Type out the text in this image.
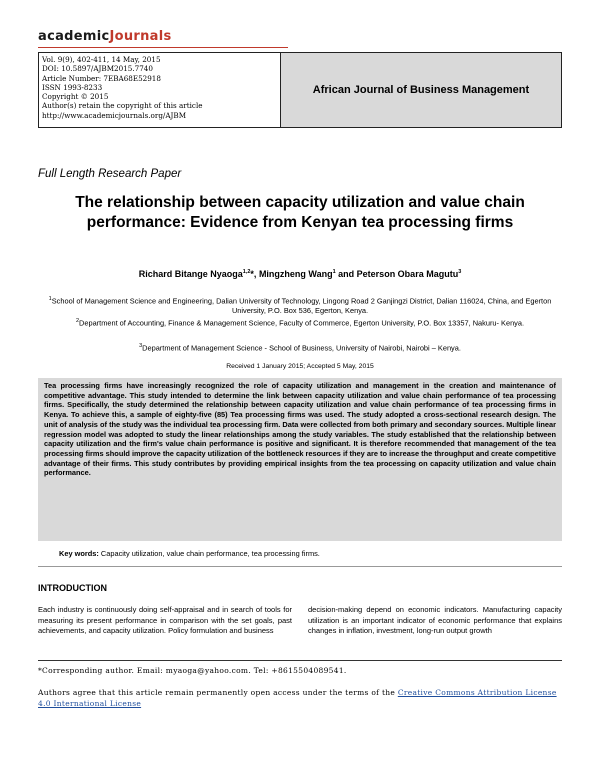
academicJournals
Vol. 9(9), 402-411, 14 May, 2015
DOI: 10.5897/AJBM2015.7740
Article Number: 7EBA68E52918
ISSN 1993-8233
Copyright © 2015
Author(s) retain the copyright of this article
http://www.academicjournals.org/AJBM
African Journal of Business Management
Full Length Research Paper
The relationship between capacity utilization and value chain performance: Evidence from Kenyan tea processing firms
Richard Bitange Nyaoga$^{1,2}$*, Mingzheng Wang$^1$ and Peterson Obara Magutu$^3$
$^1$School of Management Science and Engineering, Dalian University of Technology, Lingong Road 2 Ganjingzi District, Dalian 116024, China, and Egerton University, P.O. Box 536, Egerton, Kenya.
$^2$Department of Accounting, Finance & Management Science, Faculty of Commerce, Egerton University, P.O. Box 13357, Nakuru- Kenya.
$^3$Department of Management Science - School of Business, University of Nairobi, Nairobi – Kenya.
Received 1 January 2015; Accepted 5 May, 2015
Tea processing firms have increasingly recognized the role of capacity utilization and management in the creation and maintenance of competitive advantage. This study intended to determine the link between capacity utilization and value chain performance of tea processing firms. Specifically, the study determined the relationship between capacity utilization and value chain performance of tea processing firms in Kenya. To achieve this, a sample of eighty-five (85) Tea processing firms was used. The study adopted a cross-sectional research design. The unit of analysis of the study was the individual tea processing firm. Data were collected from both primary and secondary sources. Multiple linear regression model was adopted to study the linear relationships among the study variables. The study established that the relationship between capacity utilization and the firm's value chain performance is positive and significant. It is therefore recommended that management of the tea processing firms should improve the capacity utilization of the bottleneck resources if they are to increase the throughput and create competitive advantage of their firms. This study contributes by providing empirical insights from the tea processing on capacity utilization and value chain performance.
Key words: Capacity utilization, value chain performance, tea processing firms.
INTRODUCTION
Each industry is continuously doing self-appraisal and in search of tools for measuring its present performance in comparison with the set goals, past achievements, and capacity utilization. Policy formulation and business
decision-making depend on economic indicators. Manufacturing capacity utilization is an important indicator of economic performance that explains changes in inflation, investment, long-run output growth
*Corresponding author. Email: myaoga@yahoo.com. Tel: +8615504089541.
Authors agree that this article remain permanently open access under the terms of the Creative Commons Attribution License 4.0 International License
